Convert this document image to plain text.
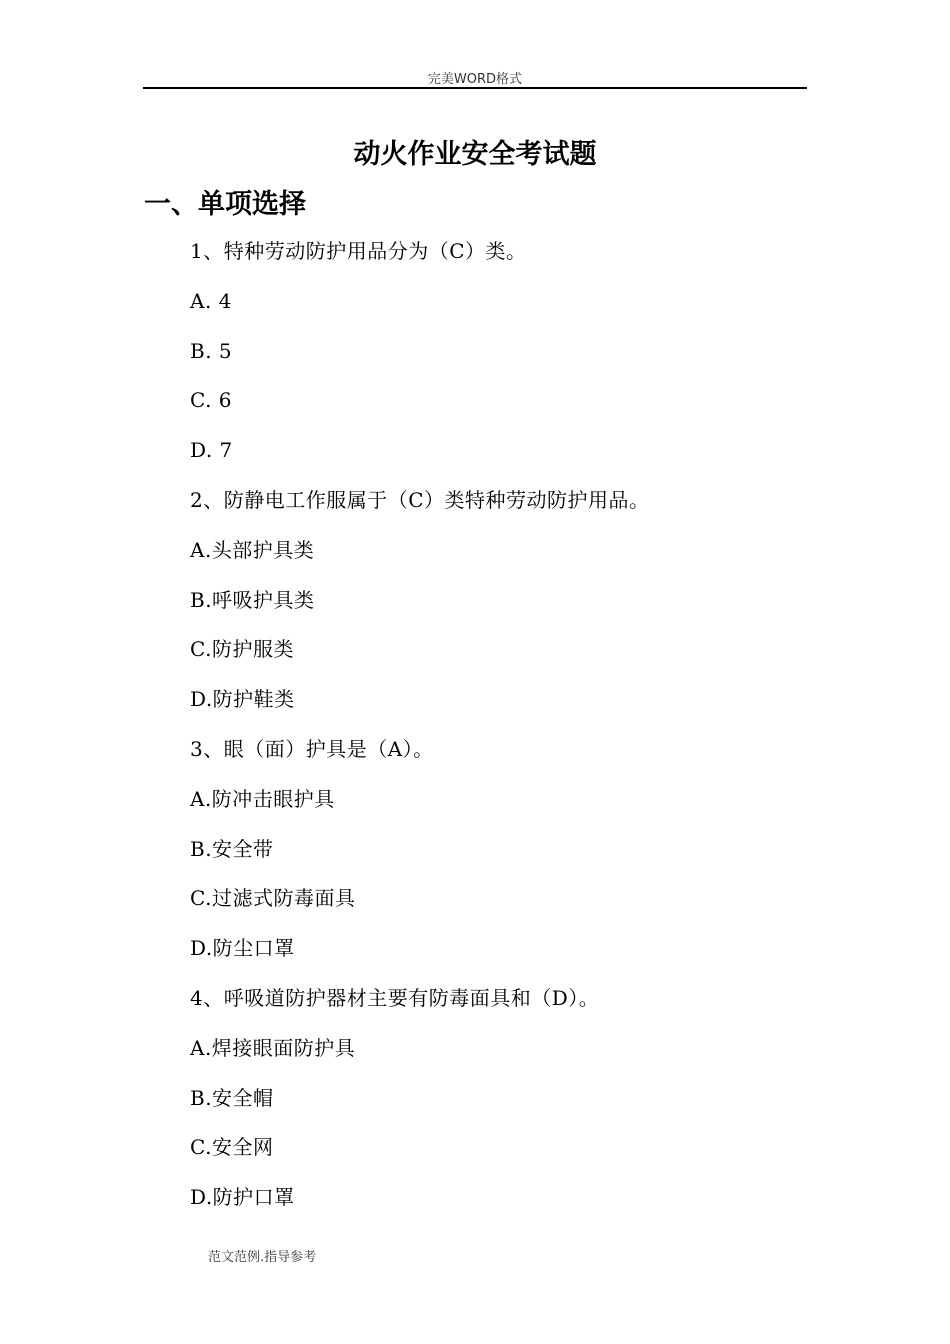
完美WORD格式
动火作业安全考试题
一、单项选择
1、特种劳动防护用品分为（C）类。
A. 4
B. 5
C. 6
D. 7
2、防静电工作服属于（C）类特种劳动防护用品。
A.头部护具类
B.呼吸护具类
C.防护服类
D.防护鞋类
3、眼（面）护具是（A）。
A.防冲击眼护具
B.安全带
C.过滤式防毒面具
D.防尘口罩
4、呼吸道防护器材主要有防毒面具和（D）。
A.焊接眼面防护具
B.安全帽
C.安全网
D.防护口罩
范文范例.指导参考
